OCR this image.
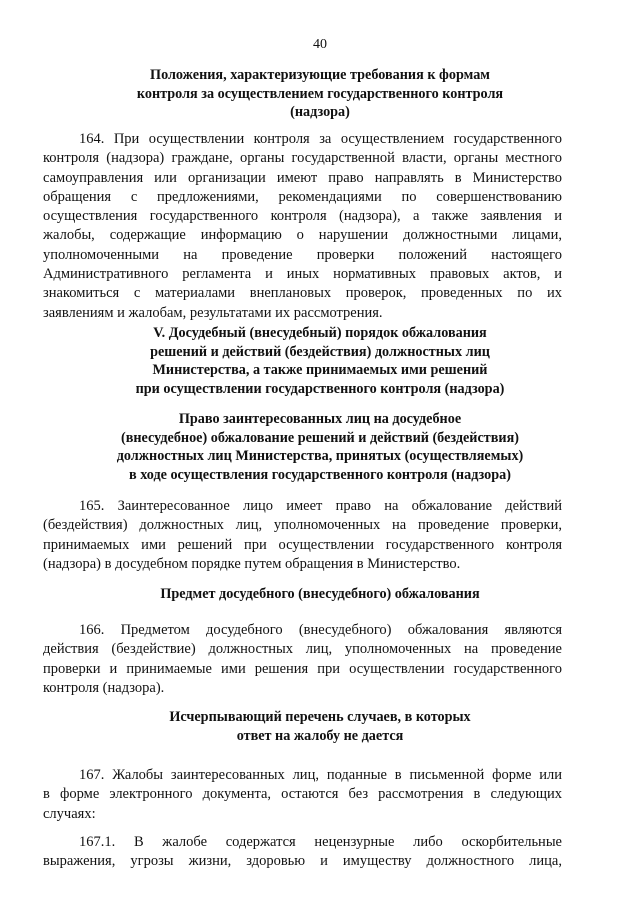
40
Положения, характеризующие требования к формам
контроля за осуществлением государственного контроля
(надзора)
164. При осуществлении контроля за осуществлением государственного
контроля (надзора) граждане, органы государственной власти, органы местного
самоуправления или организации имеют право направлять в Министерство
обращения с предложениями, рекомендациями по совершенствованию
осуществления государственного контроля (надзора), а также заявления и
жалобы, содержащие информацию о нарушении должностными лицами,
уполномоченными на проведение проверки положений настоящего
Административного регламента и иных нормативных правовых актов, и
знакомиться с материалами внеплановых проверок, проведенных по их
заявлениям и жалобам, результатами их рассмотрения.
V. Досудебный (внесудебный) порядок обжалования
решений и действий (бездействия) должностных лиц
Министерства, а также принимаемых ими решений
при осуществлении государственного контроля (надзора)
Право заинтересованных лиц на досудебное
(внесудебное) обжалование решений и действий (бездействия)
должностных лиц Министерства, принятых (осуществляемых)
в ходе осуществления государственного контроля (надзора)
165. Заинтересованное лицо имеет право на обжалование действий
(бездействия) должностных лиц, уполномоченных на проведение проверки,
принимаемых ими решений при осуществлении государственного контроля
(надзора) в досудебном порядке путем обращения в Министерство.
Предмет досудебного (внесудебного) обжалования
166. Предметом досудебного (внесудебного) обжалования являются
действия (бездействие) должностных лиц, уполномоченных на проведение
проверки и принимаемые ими решения при осуществлении государственного
контроля (надзора).
Исчерпывающий перечень случаев, в которых
ответ на жалобу не дается
167. Жалобы заинтересованных лиц, поданные в письменной форме или
в форме электронного документа, остаются без рассмотрения в следующих
случаях:
167.1. В жалобе содержатся нецензурные либо оскорбительные
выражения, угрозы жизни, здоровью и имуществу должностного лица,
